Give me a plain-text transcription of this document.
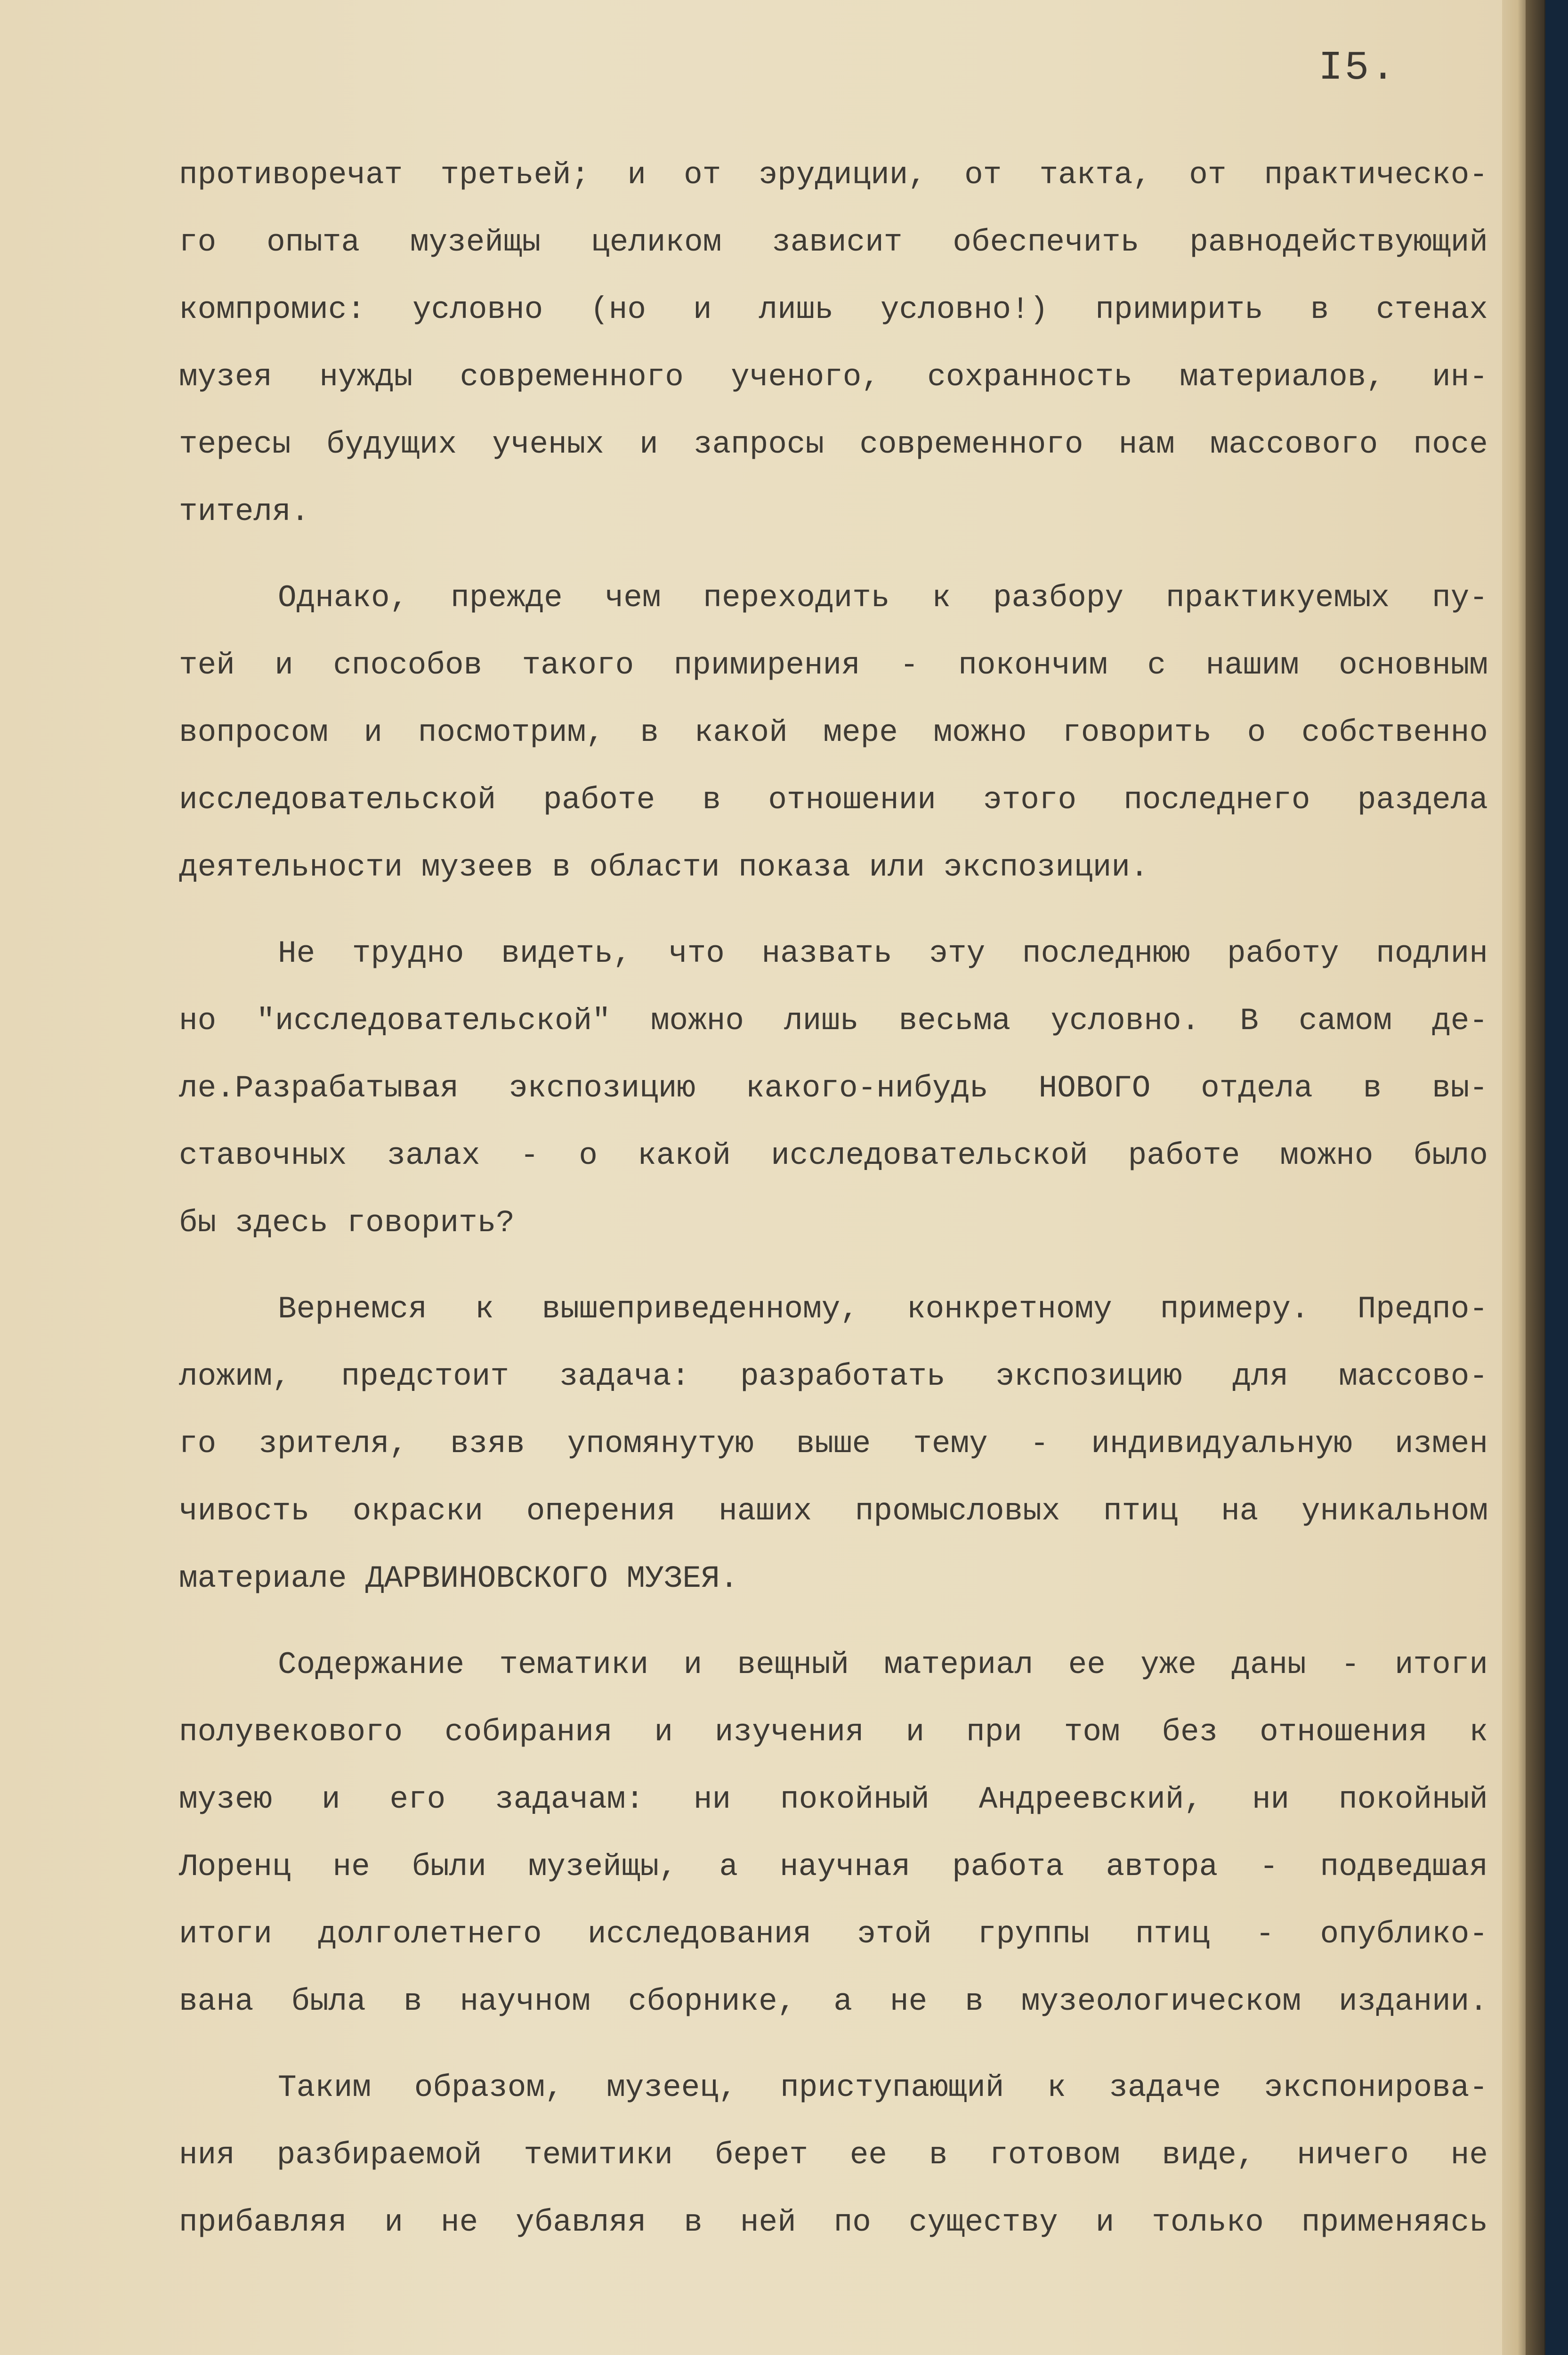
I5.
противоречат третьей; и от эрудиции, от такта, от практическо-
го опыта музейщы целиком зависит обеспечить равнодействующий
компромис: условно (но и лишь условно!) примирить в стенах
музея нужды современного ученого, сохранность материалов, ин-
тересы будущих ученых и запросы современного нам массового посе
тителя.
Однако, прежде чем переходить к разбору практикуемых пу-
тей и способов такого примирения - покончим с нашим основным
вопросом и посмотрим, в какой мере можно говорить о собственно
исследовательской работе в отношении этого последнего раздела
деятельности музеев в области показа или экспозиции.
Не трудно видеть, что назвать эту последнюю работу подлин
но "исследовательской" можно лишь весьма условно. В самом де-
ле.Разрабатывая экспозицию какого-нибудь НОВОГО отдела в вы-
ставочных залах - о какой исследовательской работе можно было
бы здесь говорить?
Вернемся к вышеприведенному, конкретному примеру. Предпо-
ложим, предстоит задача: разработать экспозицию для массово-
го зрителя, взяв упомянутую выше тему - индивидуальную измен
чивость окраски оперения наших промысловых птиц на уникальном
материале ДАРВИНОВСКОГО МУЗЕЯ.
Содержание тематики и вещный материал ее уже даны - итоги
полувекового собирания и изучения и при том без отношения к
музею и его задачам: ни покойный Андреевский, ни покойный
Лоренц не были музейщы, а научная работа автора - подведшая
итоги долголетнего исследования этой группы птиц - опублико-
вана была в научном сборнике, а не в музеологическом издании.
Таким образом, музеец, приступающий к задаче экспонирова-
ния разбираемой темитики берет ее в готовом виде, ничего не
прибавляя и не убавляя в ней по существу и только применяясь
